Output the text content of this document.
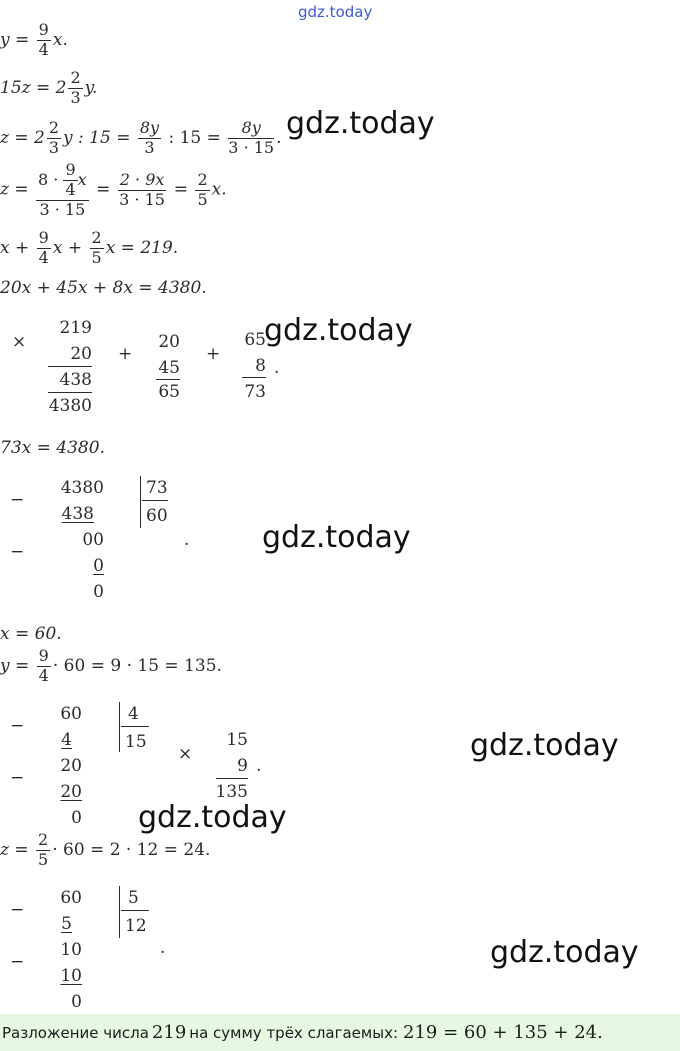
gdz.today
gdz.today
gdz.today
gdz.today
gdz.today
gdz.today
gdz.today
$y = \frac{9}{4} x$.
$15z = 2 \frac{2}{3} y$.
$z = 2 \frac{2}{3}$ y : $15 = \frac{8y}{3}$ : $15 = \frac{8y}{3 \cdot 15}$ .
$z = \frac{8 \cdot \frac{9}{4} x}{3 \cdot 15} = \frac{2 \cdot 9x}{3 \cdot 15} = \frac{2}{5} x$.
$x + \frac{9}{4}$ $x + \frac{2}{5}$ x = 219.
20x + 45x + 8x = 4380.
×
219
20
438
4380
+
20
45
65
+
65
8
73
.
73x = 4380.
−
−
4380
438
00
0
0
73
60
.
x = 60.
$y = \frac{9}{4} \cdot 60 = 9 \cdot 15 = 135$.
−
−
60
4
20
20
0
4
15
×
15
9
135
.
$z = \frac{2}{5} \cdot 60 = 2 \cdot 12 = 24$.
−
−
60
5
10
10
0
5
12
.
Разложение числа 219 на сумму трёх слагаемых: 219 = 60 + 135 + 24.
